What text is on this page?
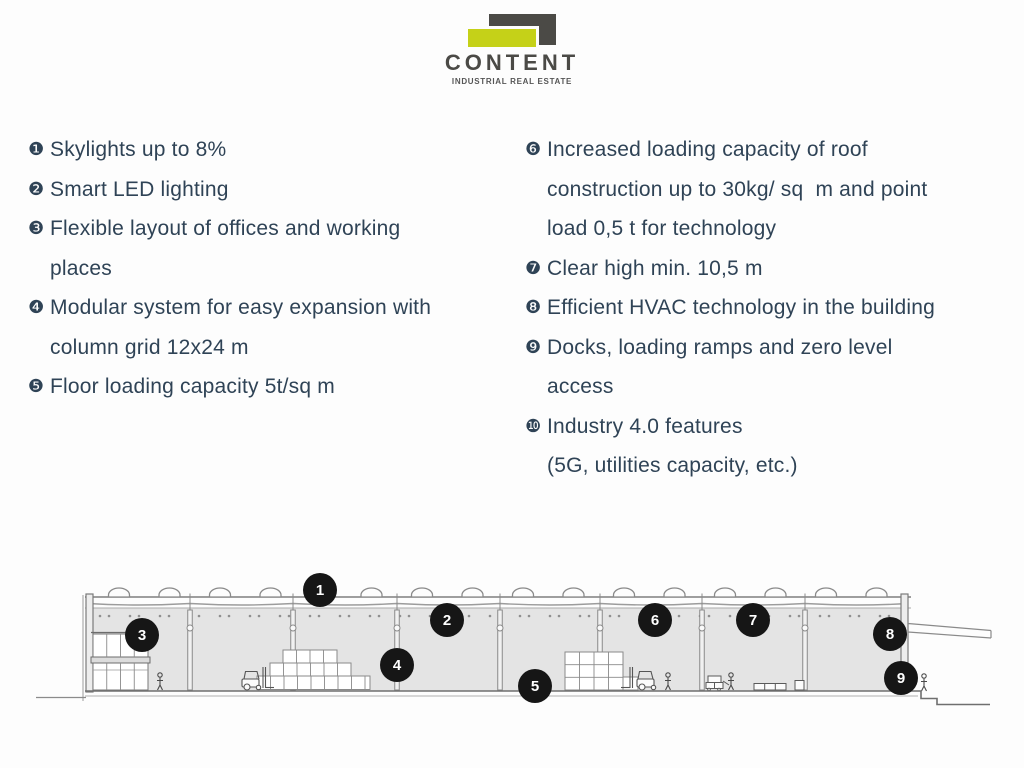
CONTENT
INDUSTRIAL REAL ESTATE
❶ Skylights up to 8%
❷ Smart LED lighting
❸ Flexible layout of offices and working
places
❹ Modular system for easy expansion with
column grid 12x24 m
❺ Floor loading capacity 5t/sq m
❻ Increased loading capacity of roof
construction up to 30kg/ sq  m and point
load 0,5 t for technology
❼ Clear high min. 10,5 m
❽ Efficient HVAC technology in the building
❾ Docks, loading ramps and zero level
access
❿ Industry 4.0 features
(5G, utilities capacity, etc.)
1
2
3
4
5
6	7
8
9
